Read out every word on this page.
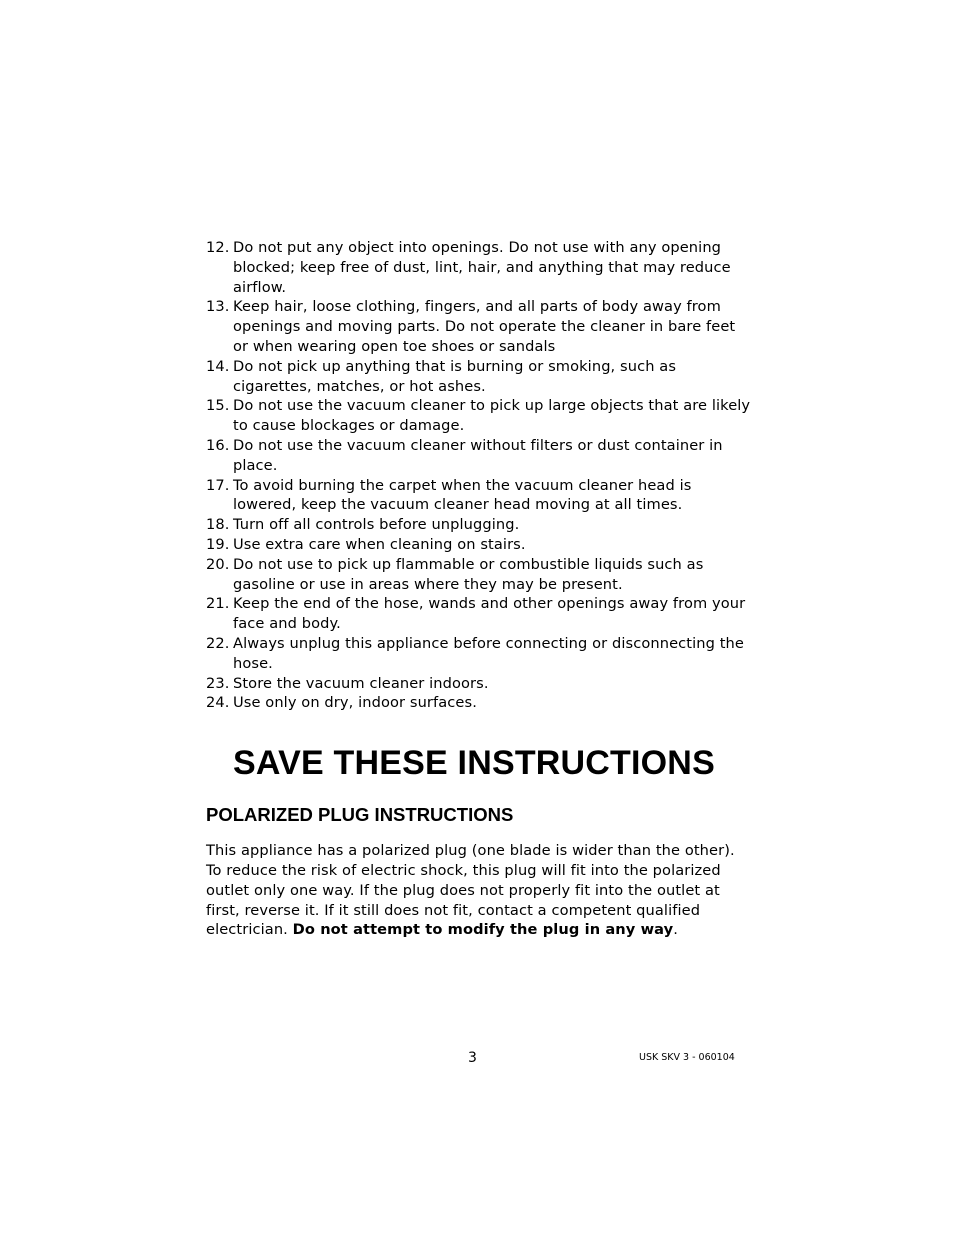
12. Do not put any object into openings. Do not use with any opening blocked; keep free of dust, lint, hair, and anything that may reduce airflow.
13. Keep hair, loose clothing, fingers, and all parts of body away from openings and moving parts. Do not operate the cleaner in bare feet or when wearing open toe shoes or sandals
14. Do not pick up anything that is burning or smoking, such as cigarettes, matches, or hot ashes.
15. Do not use the vacuum cleaner to pick up large objects that are likely to cause blockages or damage.
16. Do not use the vacuum cleaner without filters or dust container in place.
17. To avoid burning the carpet when the vacuum cleaner head is lowered, keep the vacuum cleaner head moving at all times.
18. Turn off all controls before unplugging.
19. Use extra care when cleaning on stairs.
20. Do not use to pick up flammable or combustible liquids such as gasoline or use in areas where they may be present.
21. Keep the end of the hose, wands and other openings away from your face and body.
22. Always unplug this appliance before connecting or disconnecting the hose.
23. Store the vacuum cleaner indoors.
24. Use only on dry, indoor surfaces.
SAVE THESE INSTRUCTIONS
POLARIZED PLUG INSTRUCTIONS

This appliance has a polarized plug (one blade is wider than the other). To reduce the risk of electric shock, this plug will fit into the polarized outlet only one way. If the plug does not properly fit into the outlet at first, reverse it. If it still does not fit, contact a competent qualified electrician. Do not attempt to modify the plug in any way.

3	USK SKV 3 - 060104
